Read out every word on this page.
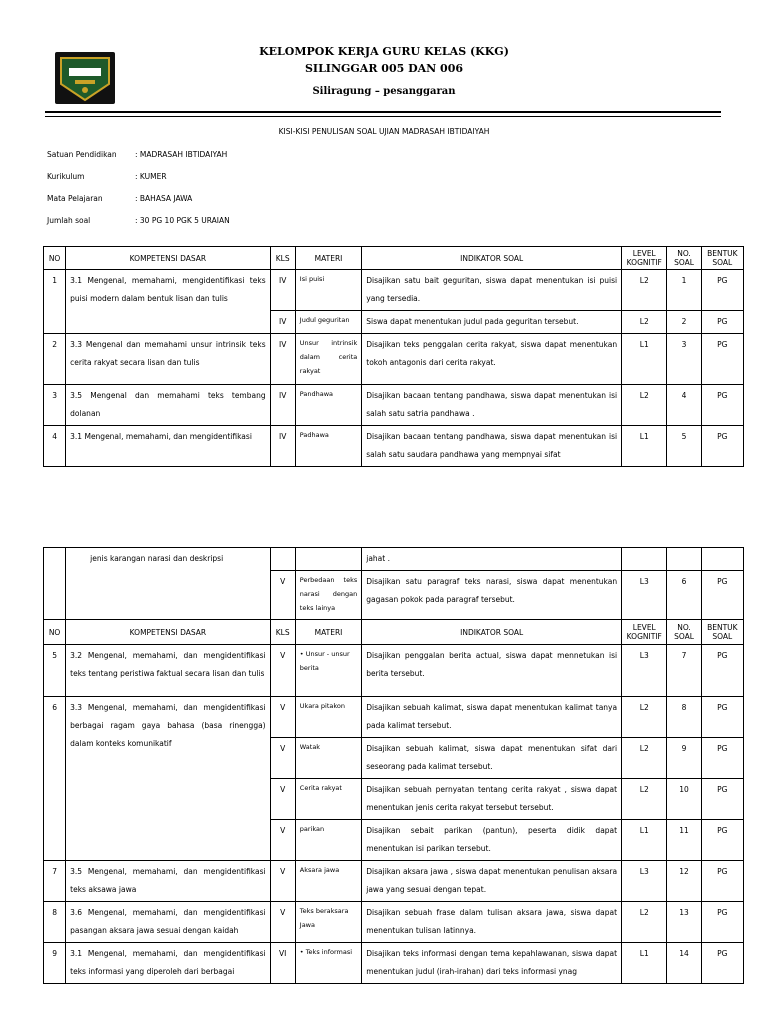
KELOMPOK KERJA GURU KELAS (KKG)
SILINGGAR 005 DAN 006
Siliragung – pesanggaran
KISI-KISI PENULISAN SOAL UJIAN MADRASAH IBTIDAIYAH
Satuan Pendidikan : MADRASAH IBTIDAIYAH
Kurikulum	: KUMER
Mata Pelajaran	: BAHASA JAWA
Jumlah soal	: 30 PG 10 PGK 5 URAIAN
NO	KOMPETENSI DASAR	KLS	MATERI	INDIKATOR SOAL	LEVEL KOGNITIF	NO. SOAL	BENTUK SOAL
1	3.1 Mengenal, memahami, mengidentifikasi teks puisi modern dalam bentuk lisan dan tulis	IV	Isi puisi	Disajikan satu bait geguritan, siswa dapat menentukan isi puisi yang tersedia.	L2	1	PG
		IV	Judul geguritan	Siswa dapat menentukan judul pada geguritan tersebut.	L2	2	PG
2	3.3 Mengenal dan memahami unsur intrinsik teks cerita rakyat secara lisan dan tulis	IV	Unsur intrinsik dalam cerita rakyat	Disajikan teks penggalan cerita rakyat, siswa dapat menentukan tokoh antagonis dari cerita rakyat.	L1	3	PG
3	3.5 Mengenal dan memahami teks tembang dolanan	IV	Pandhawa	Disajikan bacaan tentang pandhawa, siswa dapat menentukan isi salah satu satria pandhawa .	L2	4	PG
4	3.1 Mengenal, memahami, dan mengidentifikasi	IV	Padhawa	Disajikan bacaan tentang pandhawa, siswa dapat menentukan isi salah satu saudara pandhawa yang mempnyai sifat	L1	5	PG
	jenis karangan narasi dan deskripsi			jahat .			
		V	Perbedaan teks narasi dengan teks lainya	Disajikan satu paragraf teks narasi, siswa dapat menentukan gagasan pokok pada paragraf tersebut.	L3	6	PG
NO	KOMPETENSI DASAR	KLS	MATERI	INDIKATOR SOAL	LEVEL KOGNITIF	NO. SOAL	BENTUK SOAL
5	3.2 Mengenal, memahami, dan mengidentifikasi teks tentang peristiwa faktual secara lisan dan tulis	V	• Unsur - unsur berita	Disajikan penggalan berita actual, siswa dapat mennetukan isi berita tersebut.	L3	7	PG
6	3.3 Mengenal, memahami, dan mengidentifikasi berbagai ragam gaya bahasa (basa rinengga) dalam konteks komunikatif	V	Ukara pitakon	Disajikan sebuah kalimat, siswa dapat menentukan kalimat tanya pada kalimat tersebut.	L2	8	PG
		V	Watak	Disajikan sebuah kalimat, siswa dapat menentukan sifat dari seseorang pada kalimat tersebut.	L2	9	PG
		V	Cerita rakyat	Disajikan sebuah pernyatan tentang cerita rakyat , siswa dapat menentukan jenis cerita rakyat tersebut tersebut.	L2	10	PG
		V	parikan	Disajikan sebait parikan (pantun), peserta didik dapat menentukan isi parikan tersebut.	L1	11	PG
7	3.5 Mengenal, memahami, dan mengidentifikasi teks aksawa jawa	V	Aksara jawa	Disajikan aksara jawa , siswa dapat menentukan penulisan aksara jawa yang sesuai dengan tepat.	L3	12	PG
8	3.6 Mengenal, memahami, dan mengidentifikasi pasangan aksara jawa sesuai dengan kaidah	V	Teks beraksara Jawa	Disajikan sebuah frase dalam tulisan aksara jawa, siswa dapat menentukan tulisan latinnya.	L2	13	PG
9	3.1 Mengenal, memahami, dan mengidentifikasi teks informasi yang diperoleh dari berbagai	VI	• Teks informasi	Disajikan teks informasi dengan tema kepahlawanan, siswa dapat menentukan judul (irah-irahan) dari teks informasi ynag	L1	14	PG
